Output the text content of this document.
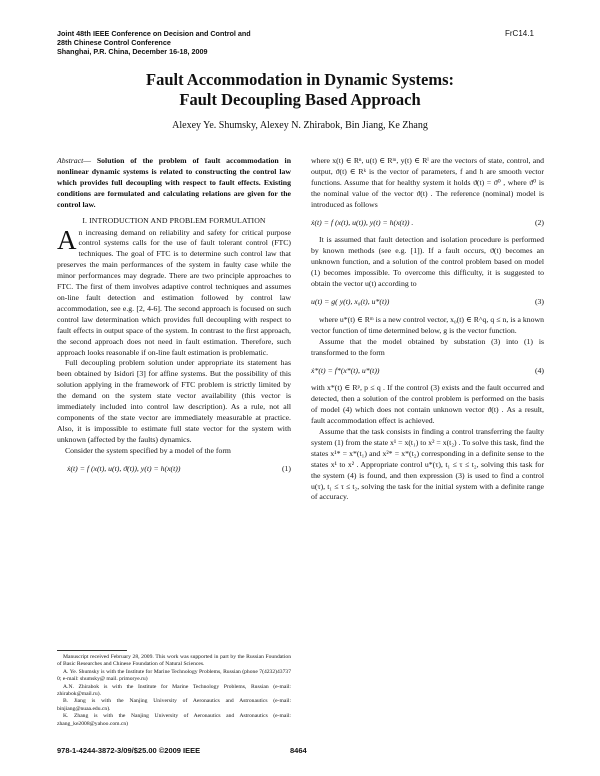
Joint 48th IEEE Conference on Decision and Control and
28th Chinese Control Conference
Shanghai, P.R. China, December 16-18, 2009
FrC14.1
Fault Accommodation in Dynamic Systems:
Fault Decoupling Based Approach
Alexey Ye. Shumsky, Alexey N. Zhirabok, Bin Jiang, Ke Zhang
Abstract— Solution of the problem of fault accommodation in nonlinear dynamic systems is related to constructing the control law which provides full decoupling with respect to fault effects. Existing conditions are formulated and calculating relations are given for the control law.
I. INTRODUCTION AND PROBLEM FORMULATION

An increasing demand on reliability and safety for critical purpose control systems calls for the use of fault tolerant control (FTC) techniques. The goal of FTC is to determine such control law that preserves the main performances of the system in faulty case while the minor performances may degrade. There are two principle approaches to FTC. The first of them involves adaptive control techniques and assumes on-line fault detection and estimation followed by control law accommodation, see e.g. [2, 4-6]. The second approach is focused on such control law determination which provides full decoupling with respect to fault effects in output space of the system. In contrast to the first approach, the second approach does not need in fault estimation. Therefore, such approach looks reasonable if on-line fault estimation is problematic.

Full decoupling problem solution under appropriate its statement has been obtained by Isidori [3] for affine systems. But the possibility of this solution applying in the framework of FTC problem is strictly limited by the demand on the system state vector availability (this vector is immediately included into control law description). As a rule, not all components of the state vector are immediately measurable at practice. Also, it is impossible to estimate full state vector for the system with unknown (affected by the faults) dynamics.

Consider the system specified by a model of the form

ẋ(t) = f (x(t), u(t), ϑ(t)), y(t) = h(x(t))	(1)

Manuscript received February 28, 2009. This work was supported in part by the Russian Foundation of Basic Researches and Chinese Foundation of Natural Sciences.

A. Ye. Shumsky is with the Institute for Marine Technology Problems, Russian (phone 7(4232)43737 0; e-mail: shumsky@ mail. primorye.ru)

A.N. Zhirabok is with the Institute for Marine Technology Problems, Russian (e-mail: zhirabok@mail.ru).

B. Jiang is with the Nanjing University of Aeronautics and Astronautics (e-mail: binjiang@nuaa.edu.cn).

K. Zhang is with the Nanjing University of Aeronautics and Astronautics (e-mail: zhang_ke2008@yahoo.com.cn)

where x(t) ∈ Rⁿ, u(t) ∈ Rᵐ, y(t) ∈ Rˡ are the vectors of state, control, and output, ϑ(t) ∈ Rᵏ is the vector of parameters, f and h are smooth vector functions. Assume that for healthy system it holds ϑ(t) = ϑ⁰ , where ϑ⁰ is the nominal value of the vector ϑ(t) . The reference (nominal) model is introduced as follows

ẋ(t) = f (x(t), u(t)), y(t) = h(x(t)) .	(2)

It is assumed that fault detection and isolation procedure is performed by known methods (see e.g. [1]). If a fault occurs, ϑ(t) becomes an unknown function, and a solution of the control problem based on model (1) becomes impossible. To overcome this difficulty, it is suggested to obtain the vector u(t) according to

u(t) = g( y(t), x₀(t), u*(t))	(3)

where u*(t) ∈ Rᵐ is a new control vector, x₀(t) ∈ R^q, q ≤ n, is a known vector function of time determined below, g is the vector function.

Assume that the model obtained by substation (3) into (1) is transformed to the form

ẋ*(t) = f*(x*(t), u*(t))	(4)

with x*(t) ∈ Rᵖ, p ≤ q . If the control (3) exists and the fault occurred and detected, then a solution of the control problem is performed on the basis of model (4) which does not contain unknown vector ϑ(t) . As a result, fault accommodation effect is achieved.

Assume that the task consists in finding a control transferring the faulty system (1) from the state x¹ = x(t₁) to x² = x(t₂) . To solve this task, find the states x¹* = x*(t₁) and x²* = x*(t₂) corresponding in a definite sense to the states x¹ to x² . Appropriate control u*(τ), t₁ ≤ τ ≤ t₂, solving this task for the system (4) is found, and then expression (3) is used to find a control u(τ), t₁ ≤ τ ≤ t₂, solving the task for the initial system with a definite range of accuracy.

978-1-4244-3872-3/09/$25.00 ©2009 IEEE	8464
